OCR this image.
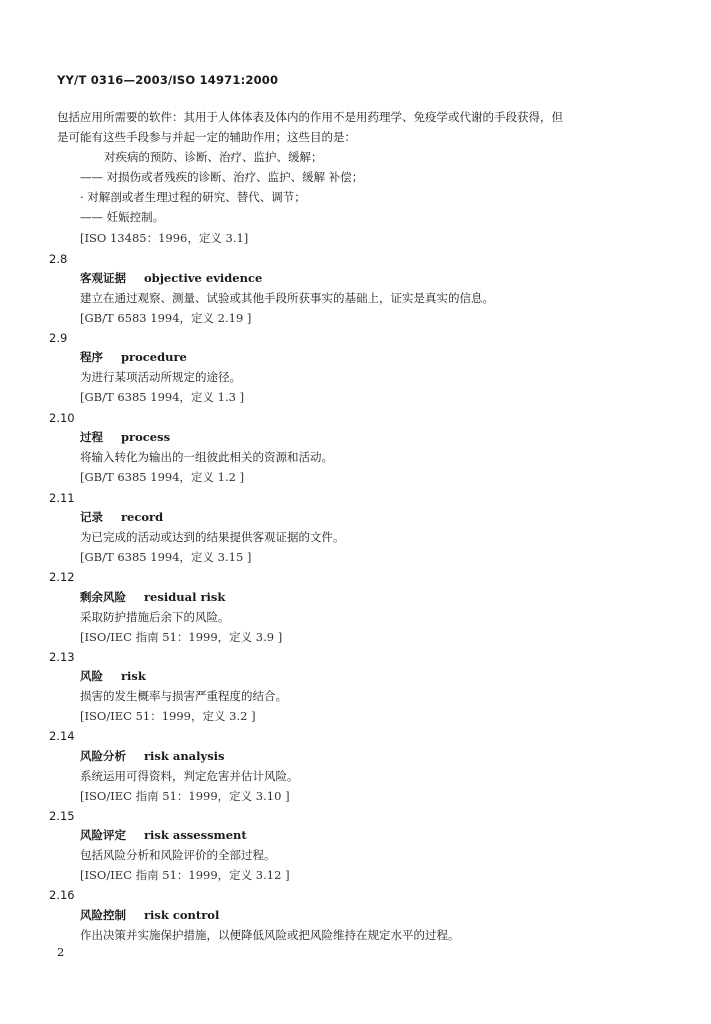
YY/T 0316—2003/ISO 14971:2000
包括应用所需要的软件：其用于人体体表及体内的作用不是用药理学、免疫学或代谢的手段获得，但
是可能有这些手段参与并起一定的辅助作用；这些目的是：
对疾病的预防、诊断、治疗、监护、缓解；
—— 对损伤或者残疾的诊断、治疗、监护、缓解 补偿；
· 对解剖或者生理过程的研究、替代、调节；
—— 妊娠控制。
[ISO 13485：1996，定义 3.1]
2.8
客观证据 objective evidence
建立在通过观察、测量、试验或其他手段所获事实的基础上，证实是真实的信息。
[GB/T 6583 1994，定义 2.19 ]
2.9
程序 procedure
为进行某项活动所规定的途径。
[GB/T 6385 1994，定义 1.3 ]
2.10
过程 process
将输入转化为输出的一组彼此相关的资源和活动。
[GB/T 6385 1994，定义 1.2 ]
2.11
记录 record
为已完成的活动或达到的结果提供客观证据的文件。
[GB/T 6385 1994，定义 3.15 ]
2.12
剩余风险 residual risk
采取防护措施后余下的风险。
[ISO/IEC 指南 51：1999，定义 3.9 ]
2.13
风险 risk
损害的发生概率与损害严重程度的结合。
[ISO/IEC 51：1999，定义 3.2 ]
2.14
风险分析 risk analysis
系统运用可得资料，判定危害并估计风险。
[ISO/IEC 指南 51：1999，定义 3.10 ]
2.15
风险评定 risk assessment
包括风险分析和风险评价的全部过程。
[ISO/IEC 指南 51：1999，定义 3.12 ]
2.16
风险控制 risk control
作出决策并实施保护措施，以便降低风险或把风险维持在规定水平的过程。
2
